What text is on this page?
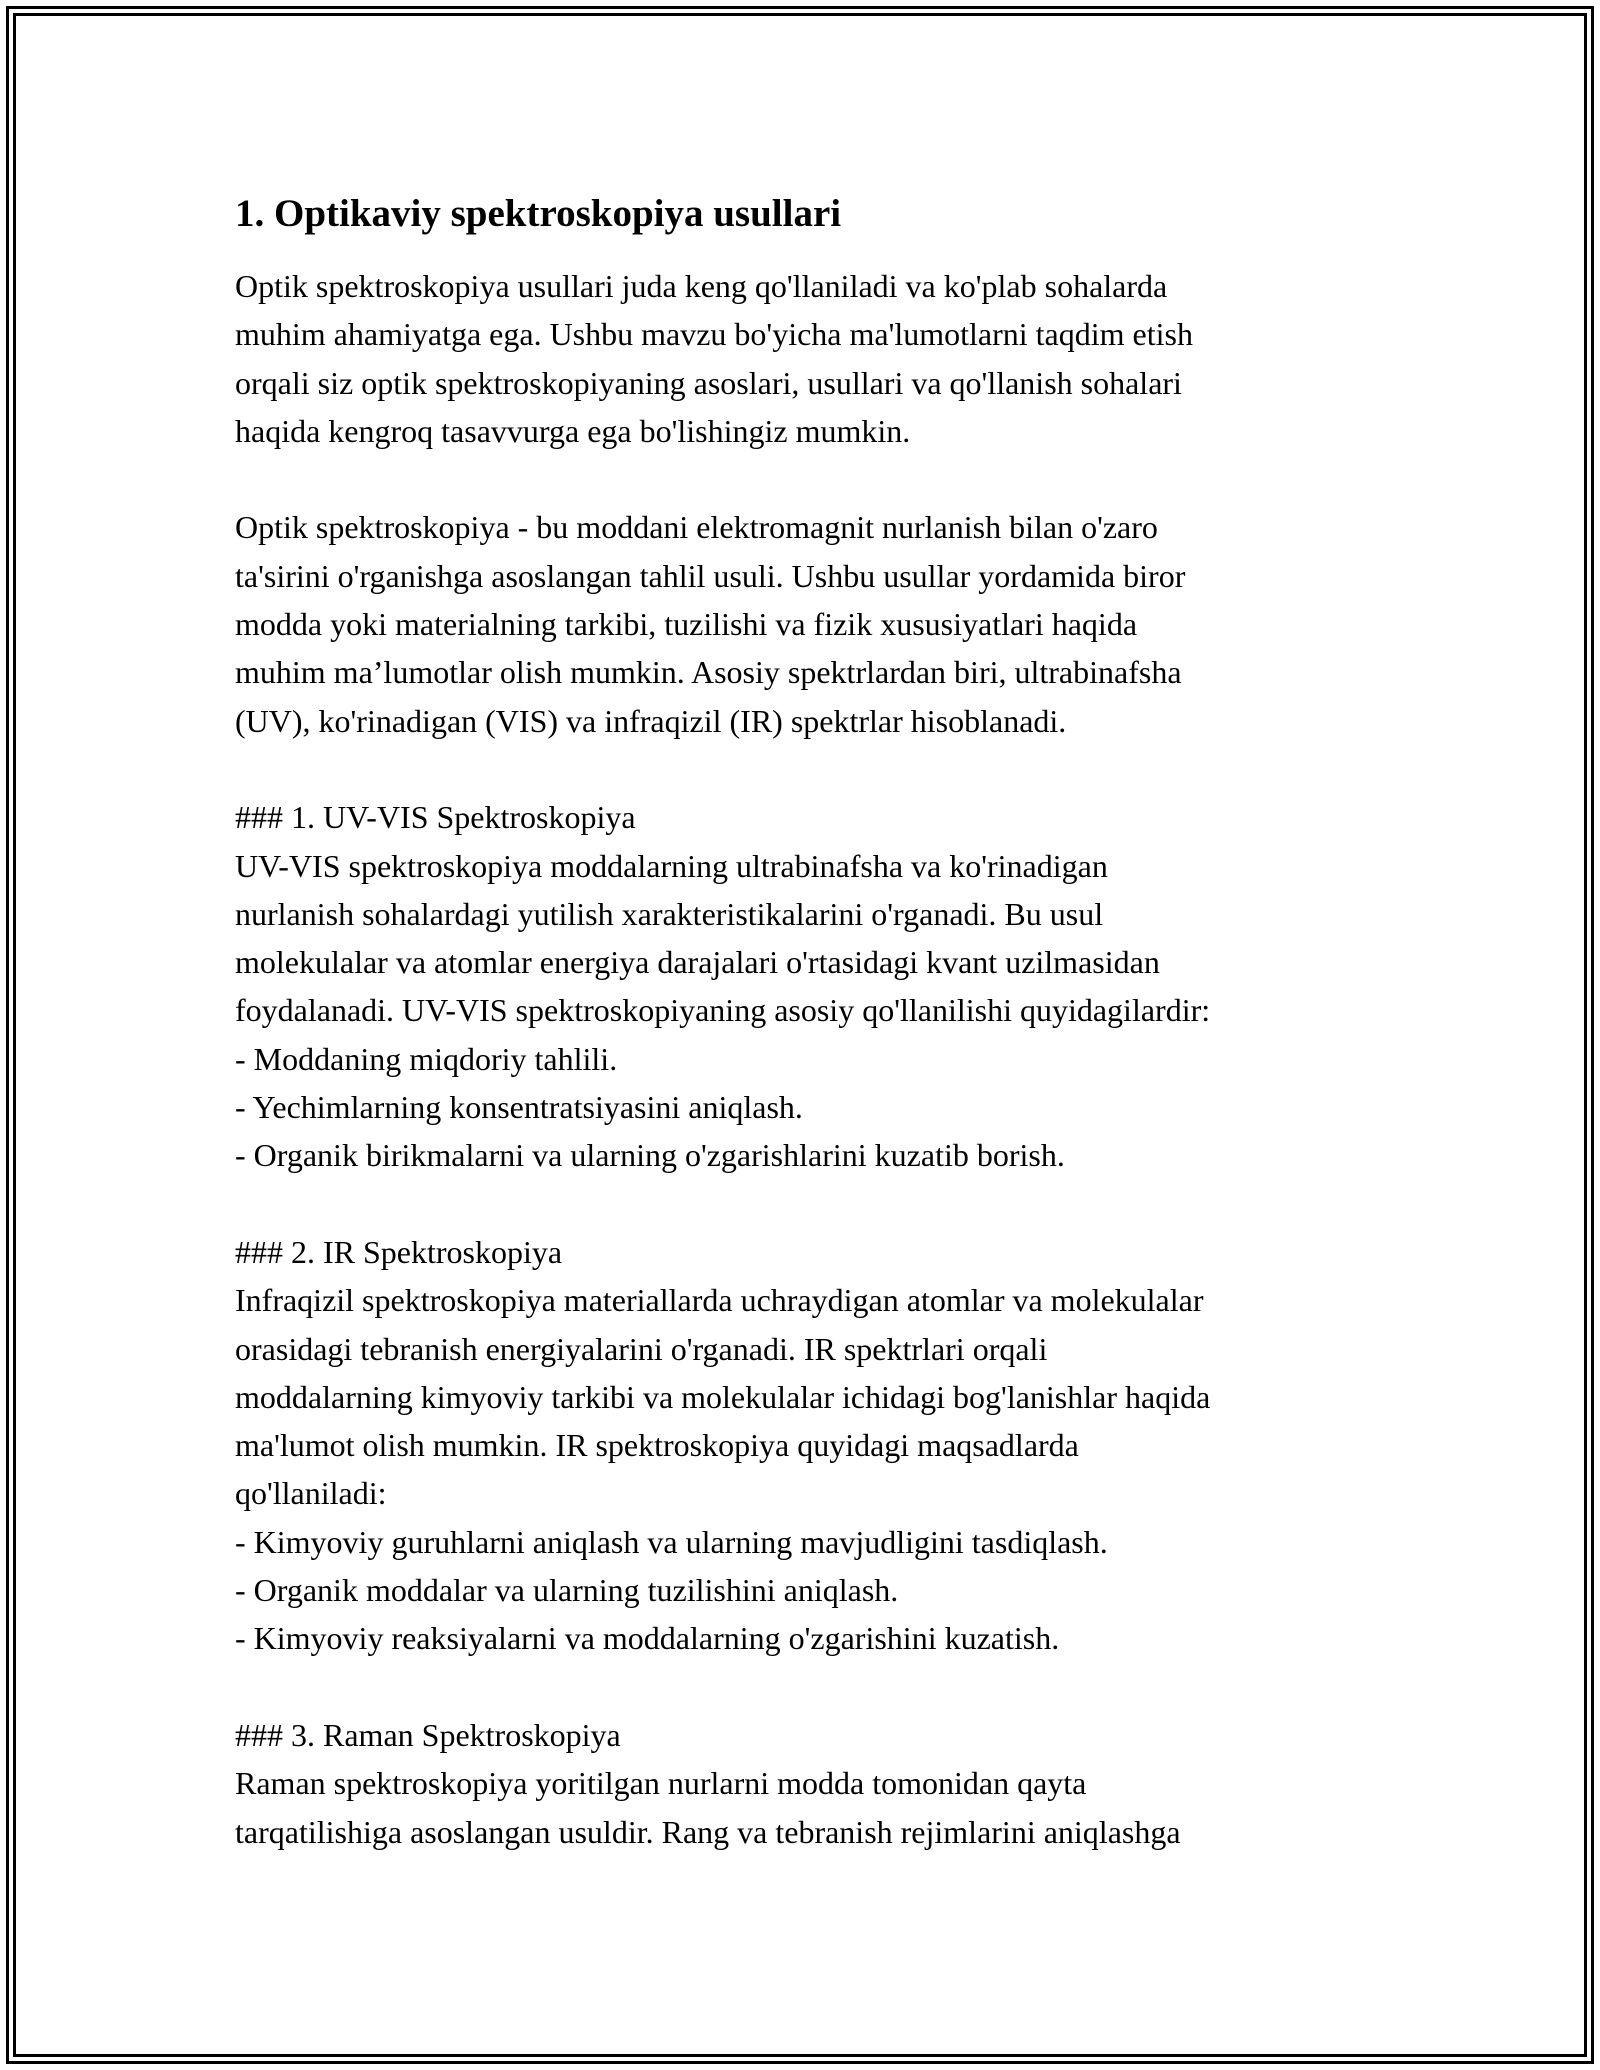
1. Optikaviy spektroskopiya usullari
Optik spektroskopiya usullari juda keng qo'llaniladi va ko'plab sohalarda
muhim ahamiyatga ega. Ushbu mavzu bo'yicha ma'lumotlarni taqdim etish
orqali siz optik spektroskopiyaning asoslari, usullari va qo'llanish sohalari
haqida kengroq tasavvurga ega bo'lishingiz mumkin.
Optik spektroskopiya - bu moddani elektromagnit nurlanish bilan o'zaro
ta'sirini o'rganishga asoslangan tahlil usuli. Ushbu usullar yordamida biror
modda yoki materialning tarkibi, tuzilishi va fizik xususiyatlari haqida
muhim ma’lumotlar olish mumkin. Asosiy spektrlardan biri, ultrabinafsha
(UV), ko'rinadigan (VIS) va infraqizil (IR) spektrlar hisoblanadi.
### 1. UV-VIS Spektroskopiya
UV-VIS spektroskopiya moddalarning ultrabinafsha va ko'rinadigan
nurlanish sohalardagi yutilish xarakteristikalarini o'rganadi. Bu usul
molekulalar va atomlar energiya darajalari o'rtasidagi kvant uzilmasidan
foydalanadi. UV-VIS spektroskopiyaning asosiy qo'llanilishi quyidagilardir:
- Moddaning miqdoriy tahlili.
- Yechimlarning konsentratsiyasini aniqlash.
- Organik birikmalarni va ularning o'zgarishlarini kuzatib borish.
### 2. IR Spektroskopiya
Infraqizil spektroskopiya materiallarda uchraydigan atomlar va molekulalar
orasidagi tebranish energiyalarini o'rganadi. IR spektrlari orqali
moddalarning kimyoviy tarkibi va molekulalar ichidagi bog'lanishlar haqida
ma'lumot olish mumkin. IR spektroskopiya quyidagi maqsadlarda
qo'llaniladi:
- Kimyoviy guruhlarni aniqlash va ularning mavjudligini tasdiqlash.
- Organik moddalar va ularning tuzilishini aniqlash.
- Kimyoviy reaksiyalarni va moddalarning o'zgarishini kuzatish.
### 3. Raman Spektroskopiya
Raman spektroskopiya yoritilgan nurlarni modda tomonidan qayta
tarqatilishiga asoslangan usuldir. Rang va tebranish rejimlarini aniqlashga
